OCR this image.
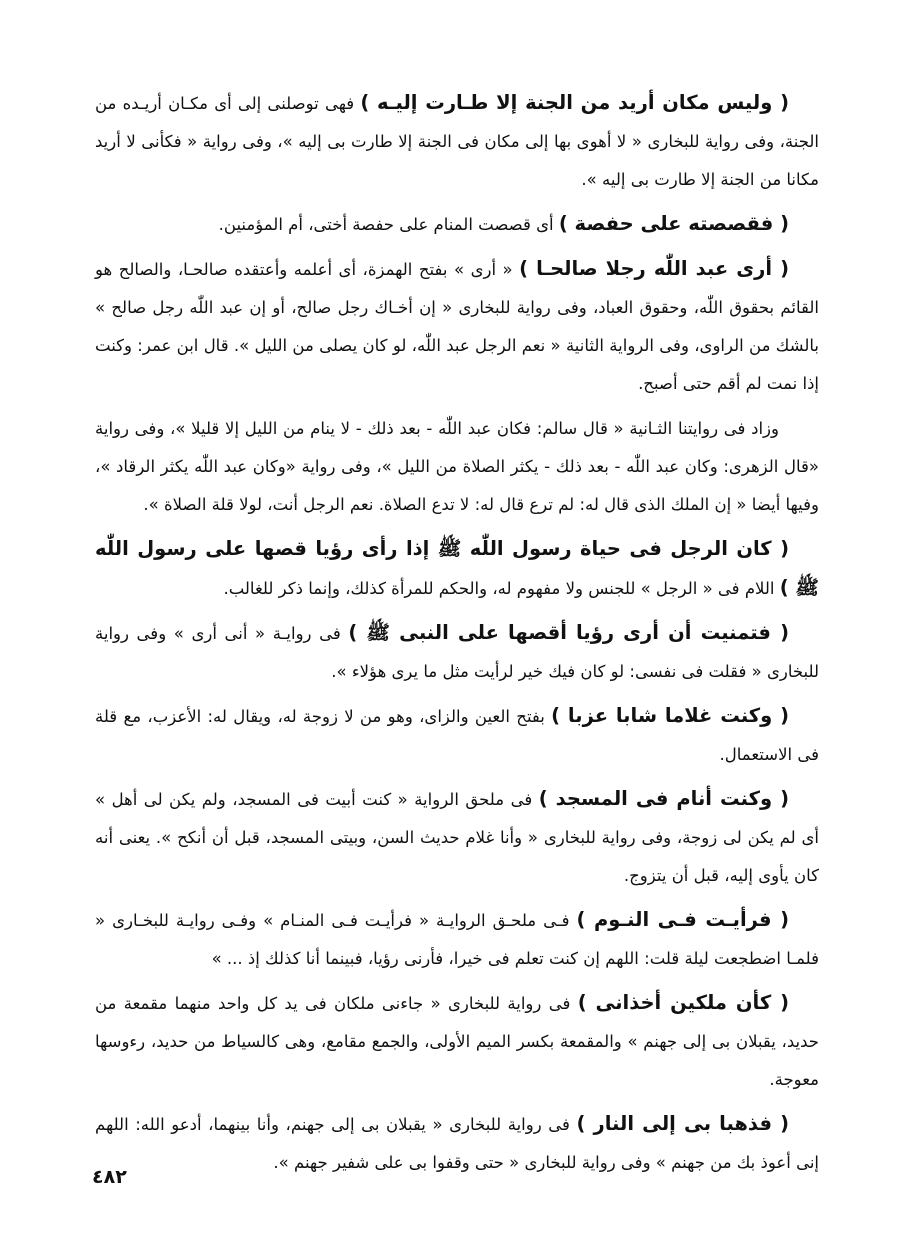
( وليس مكان أريد من الجنة إلا طـارت إليـه ) فهى توصلنى إلى أى مكـان أريـده من الجنة، وفى رواية للبخارى « لا أهوى بها إلى مكان فى الجنة إلا طارت بى إليه »، وفى رواية « فكأنى لا أريد مكانا من الجنة إلا طارت بى إليه ».

( فقصصته على حفصة ) أى قصصت المنام على حفصة أختى، أم المؤمنين.

( أرى عبد اللّٰه رجلا صالحـا ) « أرى » بفتح الهمزة، أى أعلمه وأعتقده صالحـا، والصالح هو القائم بحقوق اللّٰه، وحقوق العباد، وفى رواية للبخارى « إن أخـاك رجل صالح، أو إن عبد اللّٰه رجل صالح » بالشك من الراوى، وفى الرواية الثانية « نعم الرجل عبد اللّٰه، لو كان يصلى من الليل ». قال ابن عمر: وكنت إذا نمت لم أقم حتى أصبح.

وزاد فى روايتنا الثـانية « قال سالم: فكان عبد اللّٰه - بعد ذلك - لا ينام من الليل إلا قليلا »، وفى رواية «قال الزهرى: وكان عبد اللّٰه - بعد ذلك - يكثر الصلاة من الليل »، وفى رواية «وكان عبد اللّٰه يكثر الرقاد »، وفيها أيضا « إن الملك الذى قال له: لم ترع قال له: لا تدع الصلاة. نعم الرجل أنت، لولا قلة الصلاة ».

( كان الرجل فى حياة رسول اللّٰه ﷺ إذا رأى رؤيا قصها على رسول اللّٰه ﷺ ) اللام فى « الرجل » للجنس ولا مفهوم له، والحكم للمرأة كذلك، وإنما ذكر للغالب.

( فتمنيت أن أرى رؤيا أقصها على النبى ﷺ ) فى روايـة « أنى أرى » وفى رواية للبخارى « فقلت فى نفسى: لو كان فيك خير لرأيت مثل ما يرى هؤلاء ».

( وكنت غلاما شابا عزبا ) بفتح العين والزاى، وهو من لا زوجة له، ويقال له: الأعزب، مع قلة فى الاستعمال.

( وكنت أنام فى المسجد ) فى ملحق الرواية « كنت أبيت فى المسجد، ولم يكن لى أهل » أى لم يكن لى زوجة، وفى رواية للبخارى « وأنا غلام حديث السن، وبيتى المسجد، قبل أن أنكح ». يعنى أنه كان يأوى إليه، قبل أن يتزوج.

( فرأيـت فـى النـوم ) فـى ملحـق الروايـة « فرأيـت فـى المنـام » وفـى روايـة للبخـارى « فلمـا اضطجعت ليلة قلت: اللهم إن كنت تعلم فى خيرا، فأرنى رؤيا، فبينما أنا كذلك إذ ... »

( كأن ملكين أخذانى ) فى رواية للبخارى « جاءنى ملكان فى يد كل واحد منهما مقمعة من حديد، يقبلان بى إلى جهنم » والمقمعة بكسر الميم الأولى، والجمع مقامع، وهى كالسياط من حديد، رءوسها معوجة.

( فذهبا بى إلى النار ) فى رواية للبخارى « يقبلان بى إلى جهنم، وأنا بينهما، أدعو الله: اللهم إنى أعوذ بك من جهنم » وفى رواية للبخارى « حتى وقفوا بى على شفير جهنم ».

٤٨٢
